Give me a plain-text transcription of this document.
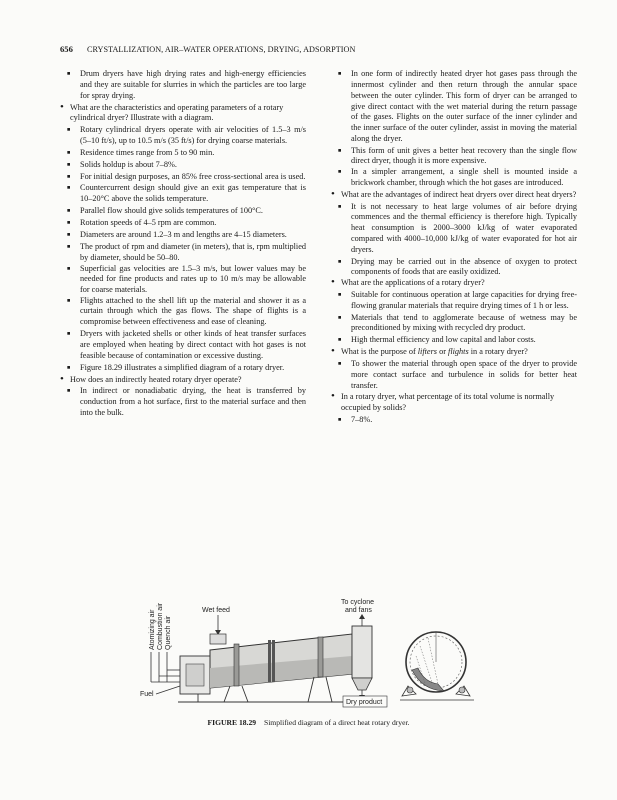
656 CRYSTALLIZATION, AIR–WATER OPERATIONS, DRYING, ADSORPTION
■ Drum dryers have high drying rates and high-energy efficiencies and they are suitable for slurries in which the particles are too large for spray drying.
• What are the characteristics and operating parameters of a rotary cylindrical dryer? Illustrate with a diagram.
■ Rotary cylindrical dryers operate with air velocities of 1.5–3 m/s (5–10 ft/s), up to 10.5 m/s (35 ft/s) for drying coarse materials.
■ Residence times range from 5 to 90 min.
■ Solids holdup is about 7–8%.
■ For initial design purposes, an 85% free cross-sectional area is used.
■ Countercurrent design should give an exit gas temperature that is 10–20°C above the solids temperature.
■ Parallel flow should give solids temperatures of 100°C.
■ Rotation speeds of 4–5 rpm are common.
■ Diameters are around 1.2–3 m and lengths are 4–15 diameters.
■ The product of rpm and diameter (in meters), that is, rpm multiplied by diameter, should be 50–80.
■ Superficial gas velocities are 1.5–3 m/s, but lower values may be needed for fine products and rates up to 10 m/s may be allowable for coarse materials.
■ Flights attached to the shell lift up the material and shower it as a curtain through which the gas flows. The shape of flights is a compromise between effectiveness and ease of cleaning.
■ Dryers with jacketed shells or other kinds of heat transfer surfaces are employed when heating by direct contact with hot gases is not feasible because of contamination or excessive dusting.
■ Figure 18.29 illustrates a simplified diagram of a rotary dryer.
• How does an indirectly heated rotary dryer operate?
■ In indirect or nonadiabatic drying, the heat is transferred by conduction from a hot surface, first to the material surface and then into the bulk.
■ In one form of indirectly heated dryer hot gases pass through the innermost cylinder and then return through the annular space between the outer cylinder. This form of dryer can be arranged to give direct contact with the wet material during the return passage of the gases. Flights on the outer surface of the inner cylinder and the inner surface of the outer cylinder, assist in moving the material along the dryer.
■ This form of unit gives a better heat recovery than the single flow direct dryer, though it is more expensive.
■ In a simpler arrangement, a single shell is mounted inside a brickwork chamber, through which the hot gases are introduced.
• What are the advantages of indirect heat dryers over direct heat dryers?
■ It is not necessary to heat large volumes of air before drying commences and the thermal efficiency is therefore high. Typically heat consumption is 2000–3000 kJ/kg of water evaporated compared with 4000–10,000 kJ/kg of water evaporated for hot air dryers.
■ Drying may be carried out in the absence of oxygen to protect components of foods that are easily oxidized.
• What are the applications of a rotary dryer?
■ Suitable for continuous operation at large capacities for drying free-flowing granular materials that require drying times of 1 h or less.
■ Materials that tend to agglomerate because of wetness may be preconditioned by mixing with recycled dry product.
■ High thermal efficiency and low capital and labor costs.
• What is the purpose of lifters or flights in a rotary dryer?
■ To shower the material through open space of the dryer to provide more contact surface and turbulence in solids for better heat transfer.
• In a rotary dryer, what percentage of its total volume is normally occupied by solids?
■ 7–8%.
Atomizing air Combustion air Quench air
Fuel
Wet feed
To cyclone
and fans
Dry product
FIGURE 18.29 Simplified diagram of a direct heat rotary dryer.
